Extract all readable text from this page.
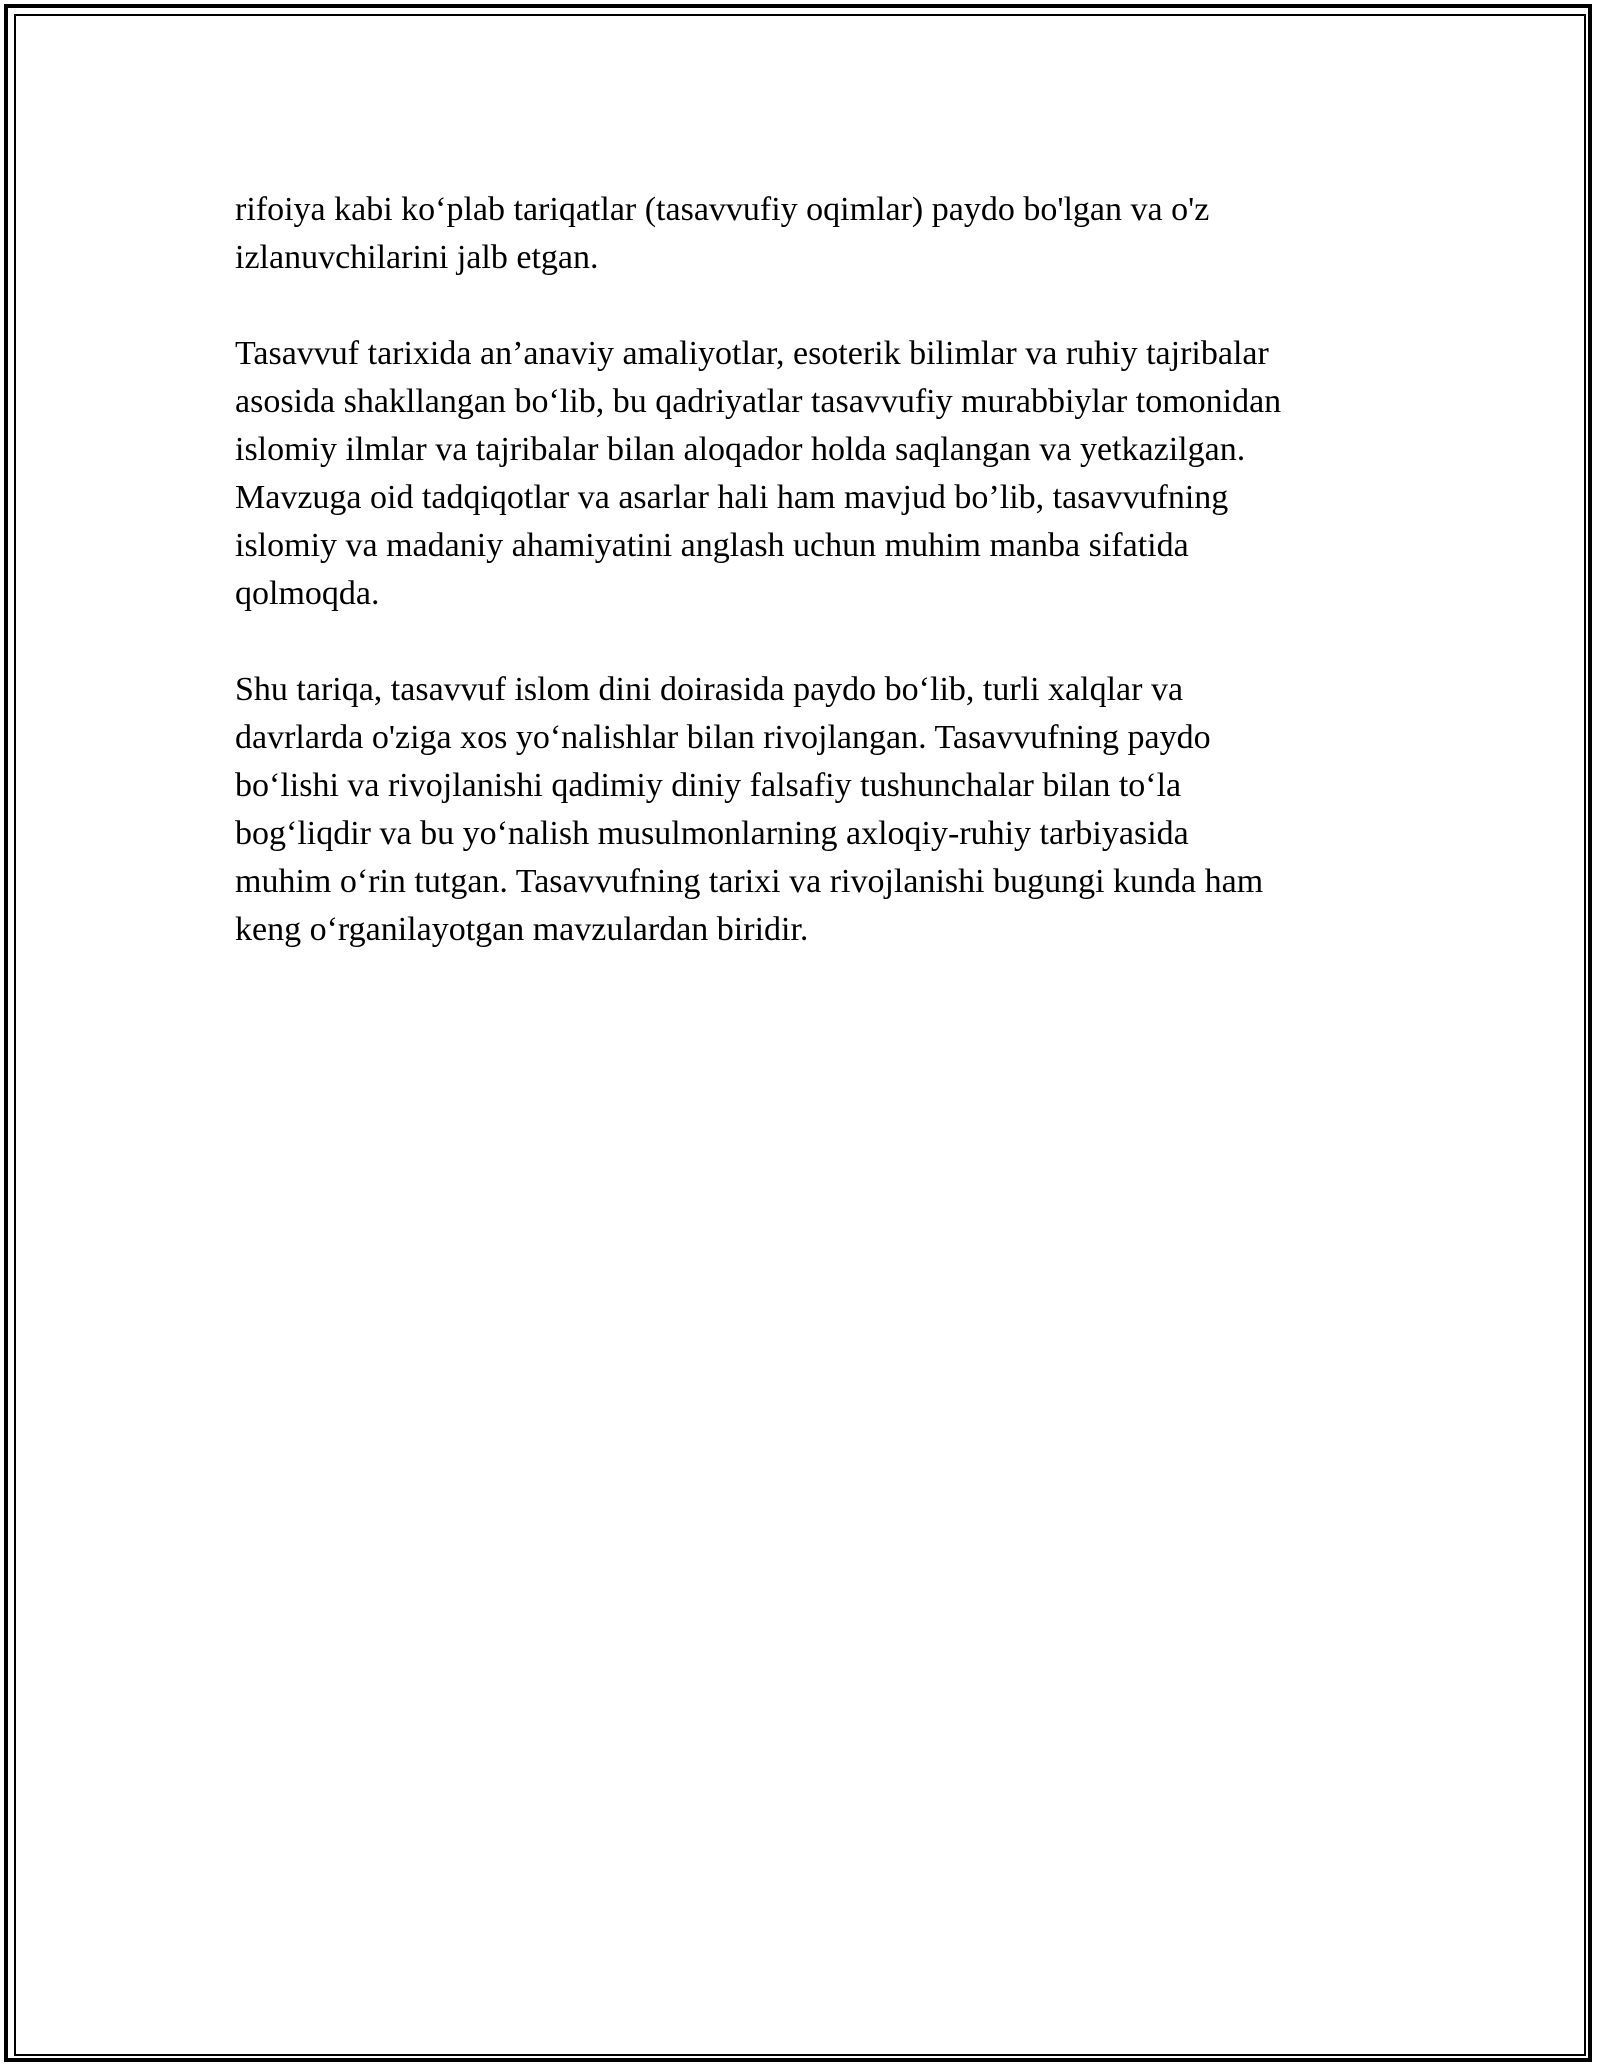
rifoiya kabi ko‘plab tariqatlar (tasavvufiy oqimlar) paydo bo'lgan va o'z
izlanuvchilarini jalb etgan.

Tasavvuf tarixida an’anaviy amaliyotlar, esoterik bilimlar va ruhiy tajribalar
asosida shakllangan bo‘lib, bu qadriyatlar tasavvufiy murabbiylar tomonidan
islomiy ilmlar va tajribalar bilan aloqador holda saqlangan va yetkazilgan.
Mavzuga oid tadqiqotlar va asarlar hali ham mavjud bo’lib, tasavvufning
islomiy va madaniy ahamiyatini anglash uchun muhim manba sifatida
qolmoqda.

Shu tariqa, tasavvuf islom dini doirasida paydo bo‘lib, turli xalqlar va
davrlarda o'ziga xos yo‘nalishlar bilan rivojlangan. Tasavvufning paydo
bo‘lishi va rivojlanishi qadimiy diniy falsafiy tushunchalar bilan to‘la
bog‘liqdir va bu yo‘nalish musulmonlarning axloqiy-ruhiy tarbiyasida
muhim o‘rin tutgan. Tasavvufning tarixi va rivojlanishi bugungi kunda ham
keng o‘rganilayotgan mavzulardan biridir.
